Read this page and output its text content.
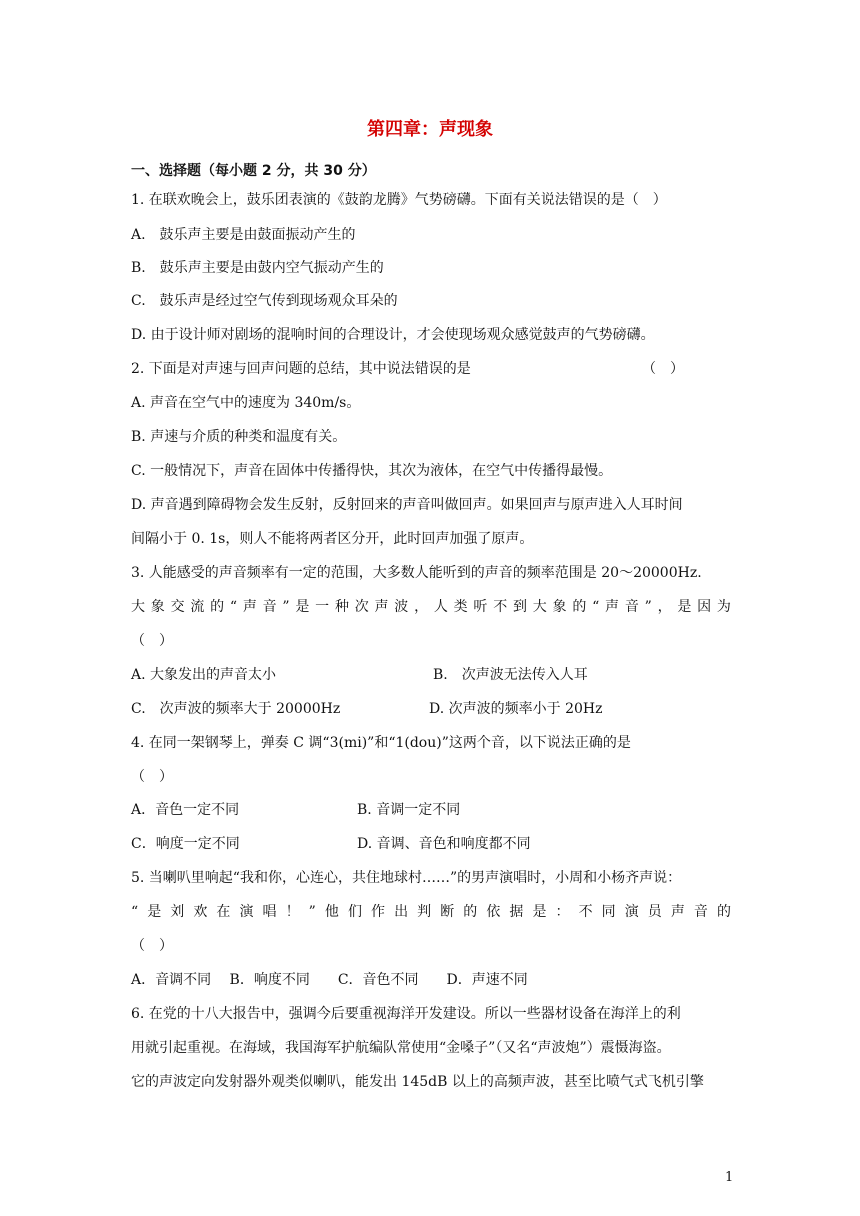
第四章：声现象
一、选择题（每小题 2 分，共 30 分）
1. 在联欢晚会上，鼓乐团表演的《鼓韵龙腾》气势磅礴。下面有关说法错误的是（　）
A.　鼓乐声主要是由鼓面振动产生的
B.　鼓乐声主要是由鼓内空气振动产生的
C.　鼓乐声是经过空气传到现场观众耳朵的
D. 由于设计师对剧场的混响时间的合理设计，才会使现场观众感觉鼓声的气势磅礴。
2. 下面是对声速与回声问题的总结，其中说法错误的是	（　）
A. 声音在空气中的速度为 340m/s。
B. 声速与介质的种类和温度有关。
C. 一般情况下，声音在固体中传播得快，其次为液体，在空气中传播得最慢。
D. 声音遇到障碍物会发生反射，反射回来的声音叫做回声。如果回声与原声进入人耳时间
间隔小于 0. 1s，则人不能将两者区分开，此时回声加强了原声。
3. 人能感受的声音频率有一定的范围，大多数人能听到的声音的频率范围是 20～20000Hz.
大 象 交 流 的 “ 声 音 ” 是 一 种 次 声 波 ， 人 类 听 不 到 大 象 的 “ 声 音 ” ， 是 因 为
（　）
A. 大象发出的声音太小	B.　次声波无法传入人耳
C.　次声波的频率大于 20000Hz	D. 次声波的频率小于 20Hz
4. 在同一架钢琴上，弹奏 C 调“3(mi)”和“1(dou)”这两个音，以下说法正确的是
（　）
A．音色一定不同	B. 音调一定不同
C．响度一定不同	D. 音调、音色和响度都不同
5. 当喇叭里响起“我和你，心连心，共住地球村……”的男声演唱时，小周和小杨齐声说：
“ 是 刘 欢 在 演 唱 ！ ” 他 们 作 出 判 断 的 依 据 是 ： 不 同 演 员 声 音 的
（　）
A．音调不同　 B．响度不同　　C．音色不同　　D．声速不同
6. 在党的十八大报告中，强调今后要重视海洋开发建设。所以一些器材设备在海洋上的利
用就引起重视。在海域，我国海军护航编队常使用“金嗓子”（又名“声波炮”）震慑海盗。
它的声波定向发射器外观类似喇叭，能发出 145dB 以上的高频声波，甚至比喷气式飞机引擎
1
